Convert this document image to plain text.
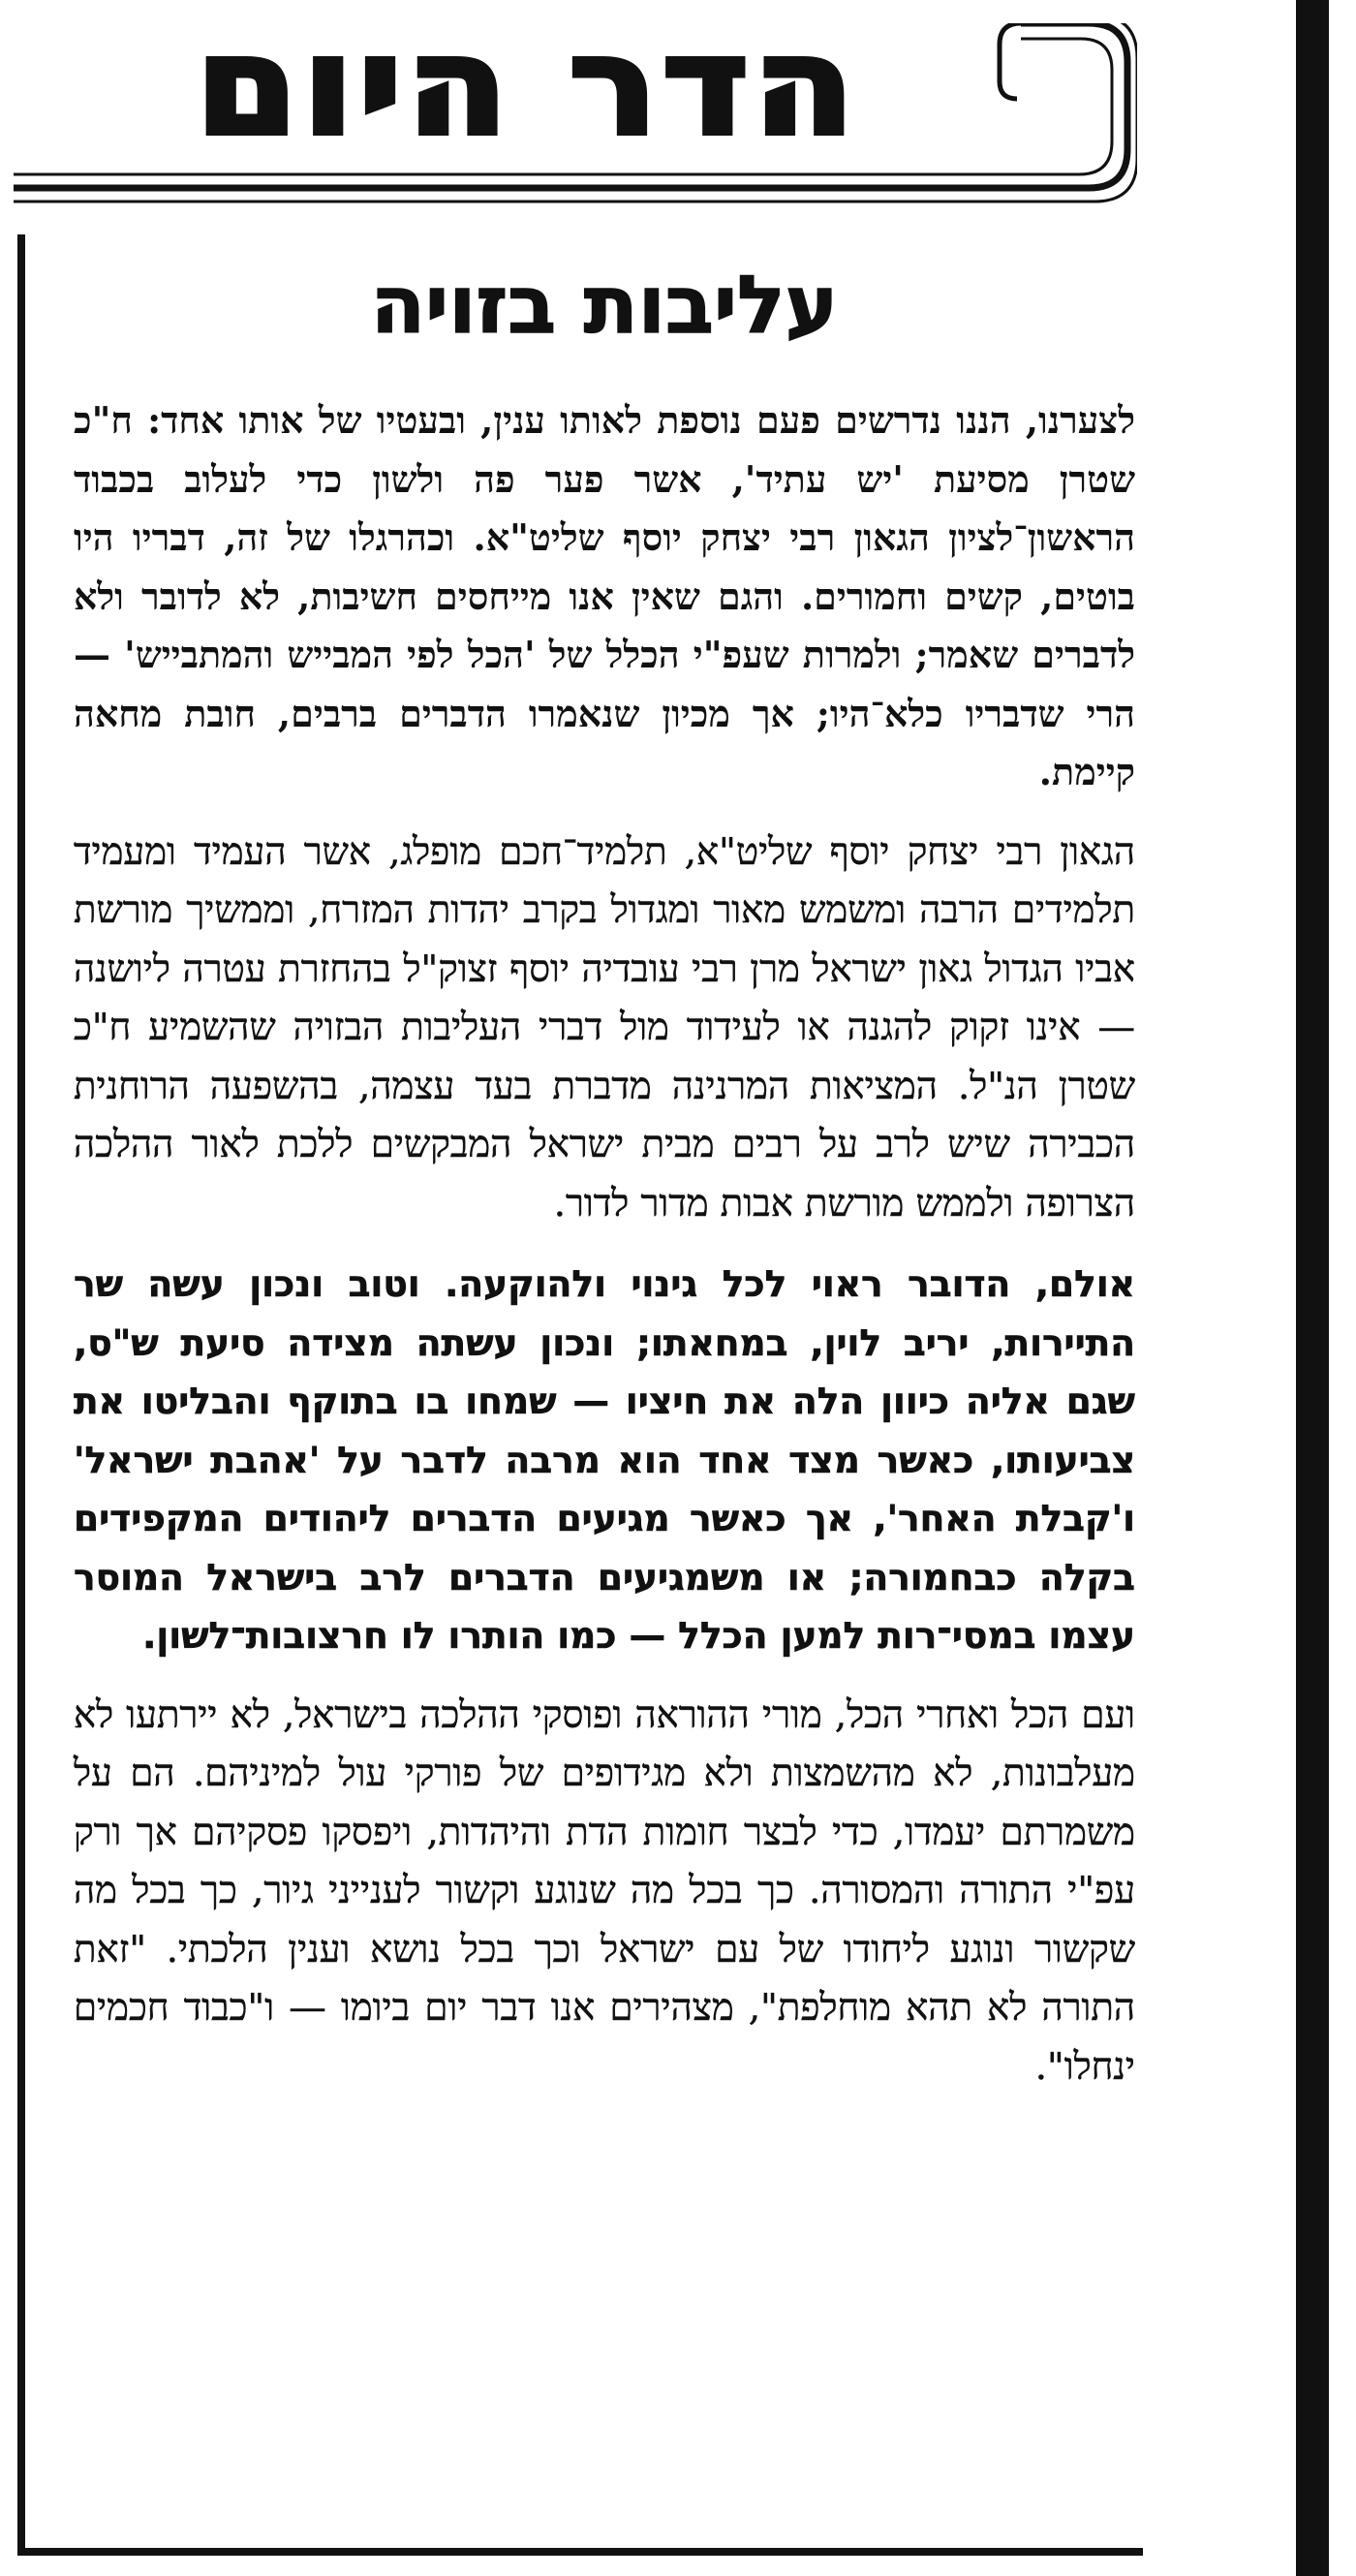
הדר היום
עליבות בזויה

לצערנו, הננו נדרשים פעם נוספת לאותו ענין, ובעטיו של אותו אחד: ח"כ שטרן מסיעת 'יש עתיד', אשר פער פה ולשון כדי לעלוב בכבוד הראשון־לציון הגאון רבי יצחק יוסף שליט"א. וכהרגלו של זה, דבריו היו בוטים, קשים וחמורים. והגם שאין אנו מייחסים חשיבות, לא לדובר ולא לדברים שאמר; ולמרות שעפ"י הכלל של 'הכל לפי המבייש והמתבייש' — הרי שדבריו כלא־היו; אך מכיון שנאמרו הדברים ברבים, חובת מחאה קיימת.

הגאון רבי יצחק יוסף שליט"א, תלמיד־חכם מופלג, אשר העמיד ומעמיד תלמידים הרבה ומשמש מאור ומגדול בקרב יהדות המזרח, וממשיך מורשת אביו הגדול גאון ישראל מרן רבי עובדיה יוסף זצוק"ל בהחזרת עטרה ליושנה — אינו זקוק להגנה או לעידוד מול דברי העליבות הבזויה שהשמיע ח"כ שטרן הנ"ל. המציאות המרנינה מדברת בעד עצמה, בהשפעה הרוחנית הכבירה שיש לרב על רבים מבית ישראל המבקשים ללכת לאור ההלכה הצרופה ולממש מורשת אבות מדור לדור.

אולם, הדובר ראוי לכל גינוי ולהוקעה. וטוב ונכון עשה שר התיירות, יריב לוין, במחאתו; ונכון עשתה מצידה סיעת ש"ס, שגם אליה כיוון הלה את חיציו — שמחו בו בתוקף והבליטו את צביעותו, כאשר מצד אחד הוא מרבה לדבר על 'אהבת ישראל' ו'קבלת האחר', אך כאשר מגיעים הדברים ליהודים המקפידים בקלה כבחמורה; או משמגיעים הדברים לרב בישראל המוסר עצמו במסי־רות למען הכלל — כמו הותרו לו חרצובות־לשון.

ועם הכל ואחרי הכל, מורי ההוראה ופוסקי ההלכה בישראל, לא יירתעו לא מעלבונות, לא מהשמצות ולא מגידופים של פורקי עול למיניהם. הם על משמרתם יעמדו, כדי לבצר חומות הדת והיהדות, ויפסקו פסקיהם אך ורק עפ"י התורה והמסורה. כך בכל מה שנוגע וקשור לענייני גיור, כך בכל מה שקשור ונוגע ליחודו של עם ישראל וכך בכל נושא וענין הלכתי. "זאת התורה לא תהא מוחלפת", מצהירים אנו דבר יום ביומו — ו"כבוד חכמים ינחלו".
